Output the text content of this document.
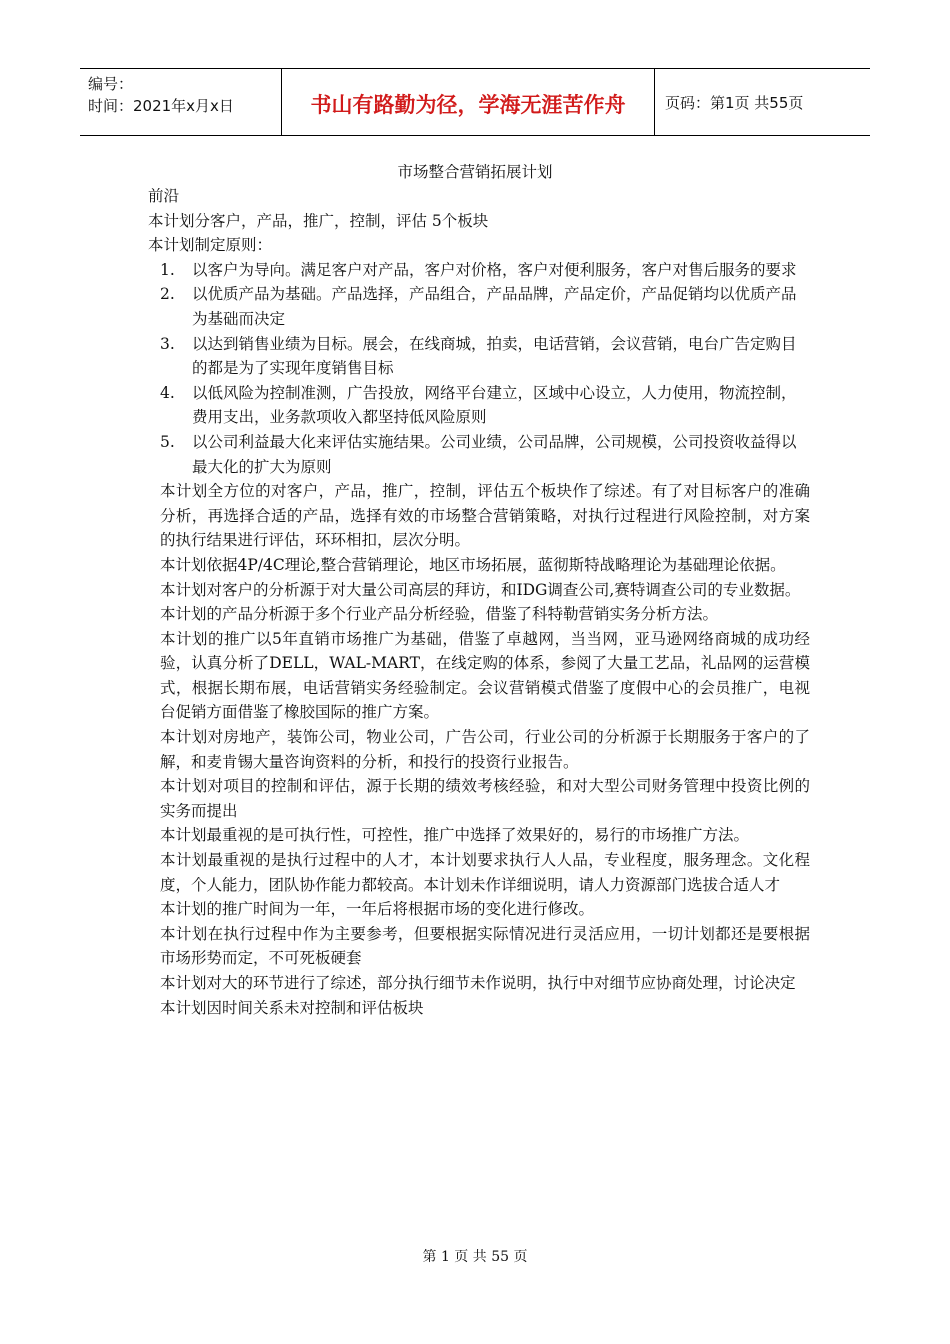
编号：
时间：2021年x月x日	书山有路勤为径，学海无涯苦作舟	页码：第1页 共55页
市场整合营销拓展计划

前沿

本计划分客户，产品，推广，控制，评估 5个板块

本计划制定原则：

1. 以客户为导向。满足客户对产品，客户对价格，客户对便利服务，客户对售后服务的要求
2. 以优质产品为基础。产品选择，产品组合，产品品牌，产品定价，产品促销均以优质产品为基础而决定
3. 以达到销售业绩为目标。展会，在线商城，拍卖，电话营销，会议营销，电台广告定购目的都是为了实现年度销售目标
4. 以低风险为控制准测，广告投放，网络平台建立，区域中心设立，人力使用，物流控制，费用支出，业务款项收入都坚持低风险原则
5. 以公司利益最大化来评估实施结果。公司业绩，公司品牌，公司规模，公司投资收益得以最大化的扩大为原则

本计划全方位的对客户，产品，推广，控制，评估五个板块作了综述。有了对目标客户的准确分析，再选择合适的产品，选择有效的市场整合营销策略，对执行过程进行风险控制，对方案的执行结果进行评估，环环相扣，层次分明。

本计划依据4P/4C理论,整合营销理论，地区市场拓展，蓝彻斯特战略理论为基础理论依据。

本计划对客户的分析源于对大量公司高层的拜访，和IDG调查公司,赛特调查公司的专业数据。

本计划的产品分析源于多个行业产品分析经验，借鉴了科特勒营销实务分析方法。

本计划的推广以5年直销市场推广为基础，借鉴了卓越网，当当网，亚马逊网络商城的成功经验，认真分析了DELL，WAL-MART，在线定购的体系，参阅了大量工艺品，礼品网的运营模式，根据长期布展，电话营销实务经验制定。会议营销模式借鉴了度假中心的会员推广，电视台促销方面借鉴了橡胶国际的推广方案。

本计划对房地产，装饰公司，物业公司，广告公司，行业公司的分析源于长期服务于客户的了解，和麦肯锡大量咨询资料的分析，和投行的投资行业报告。

本计划对项目的控制和评估，源于长期的绩效考核经验，和对大型公司财务管理中投资比例的实务而提出

本计划最重视的是可执行性，可控性，推广中选择了效果好的，易行的市场推广方法。

本计划最重视的是执行过程中的人才，本计划要求执行人人品，专业程度，服务理念。文化程度，个人能力，团队协作能力都较高。本计划未作详细说明，请人力资源部门选拔合适人才

本计划的推广时间为一年，一年后将根据市场的变化进行修改。

本计划在执行过程中作为主要参考，但要根据实际情况进行灵活应用，一切计划都还是要根据市场形势而定，不可死板硬套

本计划对大的环节进行了综述，部分执行细节未作说明，执行中对细节应协商处理，讨论决定

本计划因时间关系未对控制和评估板块

第 1 页 共 55 页
